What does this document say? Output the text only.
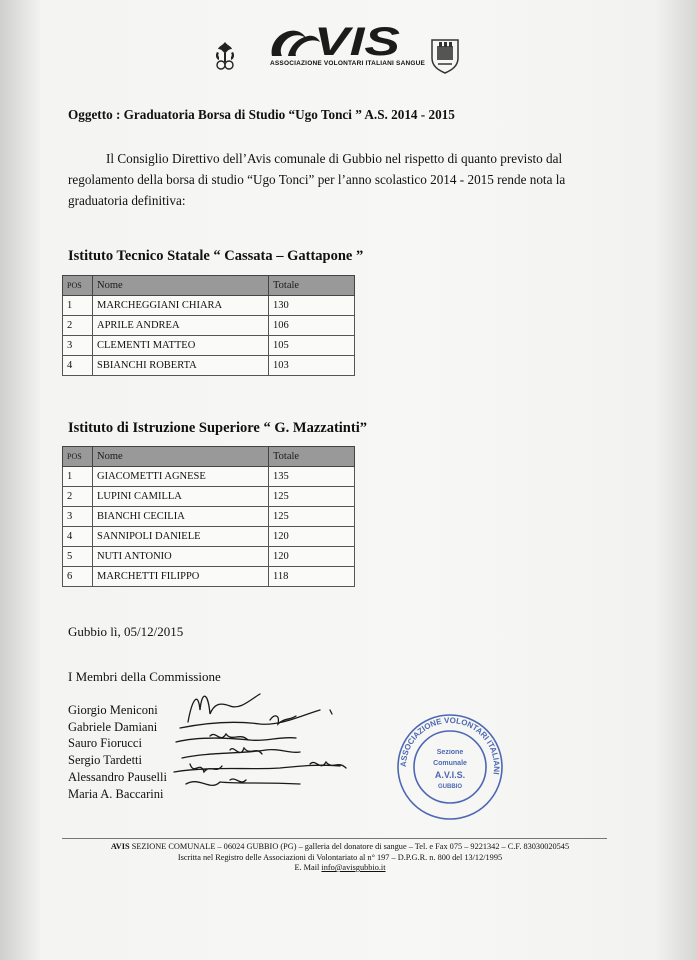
VIS
ASSOCIAZIONE VOLONTARI ITALIANI SANGUE
Oggetto : Graduatoria Borsa di Studio “Ugo Tonci ” A.S. 2014 - 2015
Il Consiglio Direttivo dell’Avis comunale di Gubbio nel rispetto di quanto previsto dal
regolamento della borsa di studio “Ugo Tonci” per l’anno scolastico 2014 - 2015 rende nota la
graduatoria definitiva:
Istituto Tecnico Statale “ Cassata – Gattapone ”
POS	Nome	Totale
1	MARCHEGGIANI CHIARA	130
2	APRILE ANDREA	106
3	CLEMENTI MATTEO	105
4	SBIANCHI ROBERTA	103
Istituto di Istruzione Superiore “ G. Mazzatinti”
POS	Nome	Totale
1	GIACOMETTI AGNESE	135
2	LUPINI CAMILLA	125
3	BIANCHI CECILIA	125
4	SANNIPOLI DANIELE	120
5	NUTI ANTONIO	120
6	MARCHETTI FILIPPO	118
Gubbio lì, 05/12/2015
I Membri della Commissione
Giorgio Meniconi
Gabriele Damiani
Sauro Fiorucci
Sergio Tardetti
Alessandro Pauselli
Maria A. Baccarini
ASSOCIAZIONE VOLONTARI ITALIANI
Sezione
Comunale
A.V.I.S.
GUBBIO
AVIS SEZIONE COMUNALE – 06024 GUBBIO (PG) – galleria del donatore di sangue – Tel. e Fax 075 – 9221342 – C.F. 83030020545
Iscritta nel Registro delle Associazioni di Volontariato al n° 197 – D.P.G.R. n. 800 del 13/12/1995
E. Mail info@avisgubbio.it
